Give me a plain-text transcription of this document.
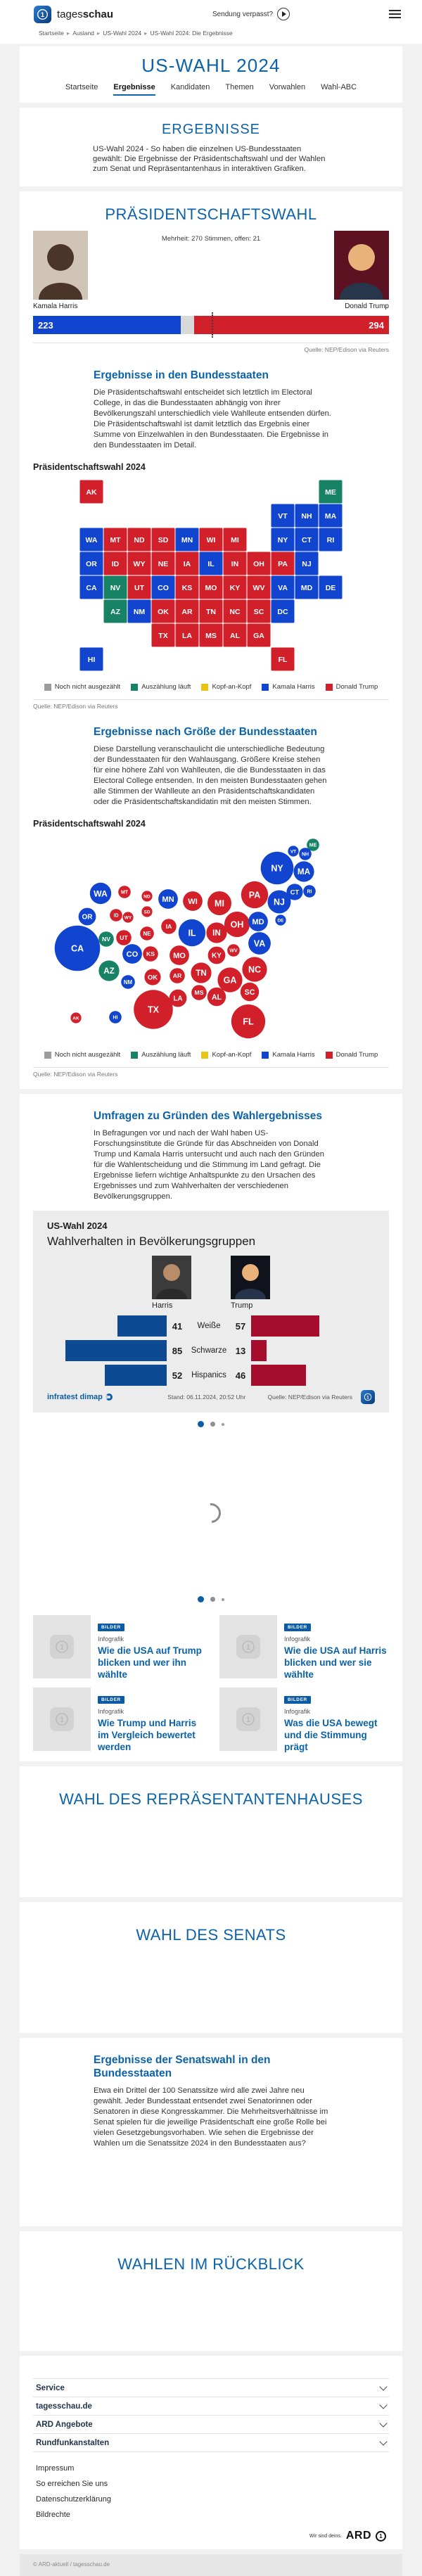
1 tagesschau	Sendung verpasst?
Startseite ▸ Ausland ▸ US-Wahl 2024 ▸ US-Wahl 2024: Die Ergebnisse
US-WAHL 2024
Startseite Ergebnisse Kandidaten Themen Vorwahlen Wahl-ABC
ERGEBNISSE

US-Wahl 2024 - So haben die einzelnen US-Bundesstaaten gewählt: Die Ergebnisse der Präsidentschaftswahl und der Wahlen zum Senat und Repräsentantenhaus in interaktiven Grafiken.

PRÄSIDENTSCHAFTSWAHL
Mehrheit: 270 Stimmen, offen: 21
Kamala Harris	Donald Trump
223	294
Quelle: NEP/Edison via Reuters
Ergebnisse in den Bundesstaaten

Die Präsidentschaftswahl entscheidet sich letztlich im Electoral College, in das die Bundesstaaten abhängig von ihrer Bevölkerungszahl unterschiedlich viele Wahlleute entsenden dürfen. Die Präsidentschaftswahl ist damit letztlich das Ergebnis einer Summe von Einzelwahlen in den Bundesstaaten. Die Ergebnisse in den Bundesstaaten im Detail.

Präsidentschaftswahl 2024
AK	ME
VT NH MA
WA MT ND SD MN WI MI	NY CT RI
OR ID WY NE IA IL IN OH PA NJ
CA NV UT CO KS MO KY WV VA MD DE
AZ NM OK AR TN NC SC DC
TX LA MS AL GA
HI	FL
Noch nicht ausgezählt	Auszählung läuft	Kopf-an-Kopf	Kamala Harris	Donald Trump
Quelle: NEP/Edison via Reuters
Ergebnisse nach Größe der Bundesstaaten

Diese Darstellung veranschaulicht die unterschiedliche Bedeutung der Bundesstaaten für den Wahlausgang. Größere Kreise stehen für eine höhere Zahl von Wahlleuten, die die Bundesstaaten in das Electoral College entsenden. In den meisten Bundesstaaten gehen alle Stimmen der Wahlleute an den Präsidentschaftskandidaten oder die Präsidentschaftskandidatin mit den meisten Stimmen.

Präsidentschaftswahl 2024
AK
ME
VT
NH
MA
WA	MT
ND
SD
MN WI MI
NY
CT RI
OR	ID WY
NE
IA
IL IN
OH
PA
NJ
CA
NV UT
CO KS MO	KY
WV
VA
MD	DE
AZ
NM
OK	AR TN	NC
SC
TX
LA
MS
AL
GA
HI	FL
Noch nicht ausgezählt	Auszählung läuft	Kopf-an-Kopf	Kamala Harris	Donald Trump
Quelle: NEP/Edison via Reuters
Umfragen zu Gründen des Wahlergebnisses

In Befragungen vor und nach der Wahl haben US-Forschungsinstitute die Gründe für das Abschneiden von Donald Trump und Kamala Harris untersucht und auch nach den Gründen für die Wahlentscheidung und die Stimmung im Land gefragt. Die Ergebnisse liefern wichtige Anhaltspunkte zu den Ursachen des Ergebnisses und zum Wahlverhalten der verschiedenen Bevölkerungsgruppen.

US-Wahl 2024
Wahlverhalten in Bevölkerungsgruppen
Harris	Trump
41	Weiße	57
85	Schwarze 13
52	Hispanics 46
infratest dimap	Stand: 06.11.2024, 20:52 Uhr	Quelle: NEP/Edison via Reuters 1
1
BILDER
Infografik
Wie die USA auf Trump blicken und wer ihn wählte
1
BILDER
Infografik
Wie die USA auf Harris blicken und wer sie wählte
1
BILDER
Infografik
Wie Trump und Harris im Vergleich bewertet werden
1
BILDER
Infografik
Was die USA bewegt und die Stimmung prägt
WAHL DES REPRÄSENTANTENHAUSES
WAHL DES SENATS
Ergebnisse der Senatswahl in den Bundesstaaten

Etwa ein Drittel der 100 Senatssitze wird alle zwei Jahre neu gewählt. Jeder Bundesstaat entsendet zwei Senatorinnen oder Senatoren in diese Kongresskammer. Die Mehrheitsverhältnisse im Senat spielen für die jeweilige Präsidentschaft eine große Rolle bei vielen Gesetzgebungsvorhaben. Wie sehen die Ergebnisse der Wahlen um die Senatssitze 2024 in den Bundesstaaten aus?

WAHLEN IM RÜCKBLICK
Service
tagesschau.de
ARD Angebote
Rundfunkanstalten
Impressum
So erreichen Sie uns
Datenschutzerklärung
Bildrechte
Wir sind deins. ARD	1
© ARD-aktuell / tagesschau.de
